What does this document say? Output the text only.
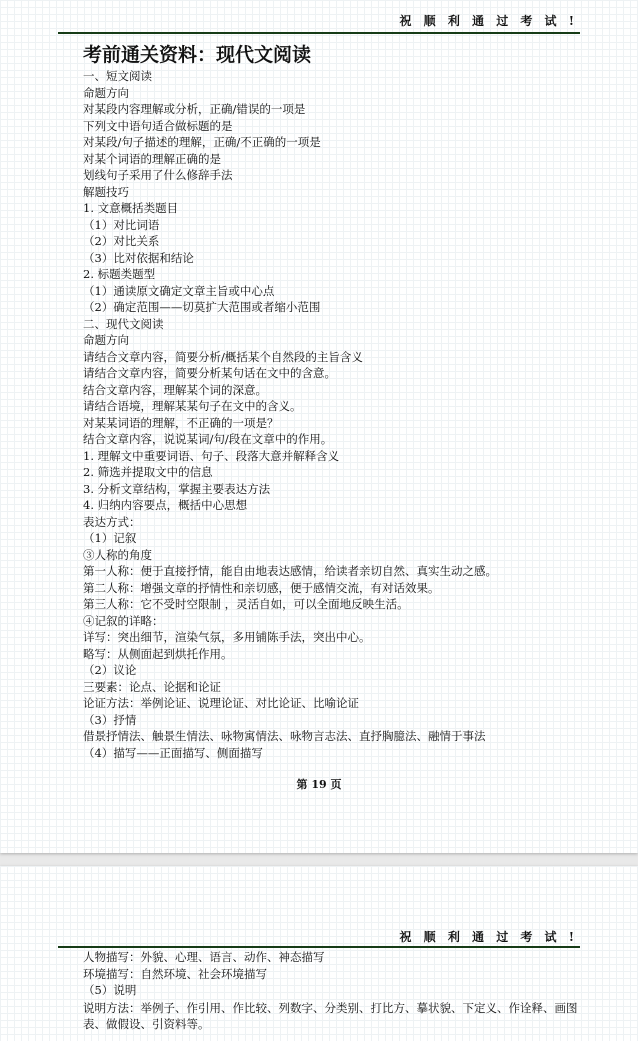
祝 顺 利 通 过 考 试 !
考前通关资料：现代文阅读
一、短文阅读
命题方向
对某段内容理解或分析，正确/错误的一项是
下列文中语句适合做标题的是
对某段/句子描述的理解，正确/不正确的一项是
对某个词语的理解正确的是
划线句子采用了什么修辞手法
解题技巧
1. 文意概括类题目
（1）对比词语
（2）对比关系
（3）比对依据和结论
2. 标题类题型
（1）通读原文确定文章主旨或中心点
（2）确定范围——切莫扩大范围或者缩小范围
二、现代文阅读
命题方向
请结合文章内容，简要分析/概括某个自然段的主旨含义
请结合文章内容，简要分析某句话在文中的含意。
结合文章内容，理解某个词的深意。
请结合语境，理解某某句子在文中的含义。
对某某词语的理解，不正确的一项是？
结合文章内容，说说某词/句/段在文章中的作用。
1. 理解文中重要词语、句子、段落大意并解释含义
2. 筛选并提取文中的信息
3. 分析文章结构，掌握主要表达方法
4. 归纳内容要点，概括中心思想
表达方式：
（1）记叙
③人称的角度
第一人称：便于直接抒情，能自由地表达感情，给读者亲切自然、真实生动之感。
第二人称：增强文章的抒情性和亲切感，便于感情交流，有对话效果。
第三人称：它不受时空限制 ，灵活自如，可以全面地反映生活。
④记叙的详略：
详写：突出细节，渲染气氛，多用铺陈手法，突出中心。
略写：从侧面起到烘托作用。
（2）议论
三要素：论点、论据和论证
论证方法：举例论证、说理论证、对比论证、比喻论证
（3）抒情
借景抒情法、触景生情法、咏物寓情法、咏物言志法、直抒胸臆法、融情于事法
（4）描写——正面描写、侧面描写
第 19 页
祝 顺 利 通 过 考 试 !
人物描写：外貌、心理、语言、动作、神态描写
环境描写：自然环境、社会环境描写
（5）说明
说明方法：举例子、作引用、作比较、列数字、分类别、打比方、摹状貌、下定义、作诠释、画图表、做假设、引资料等。
